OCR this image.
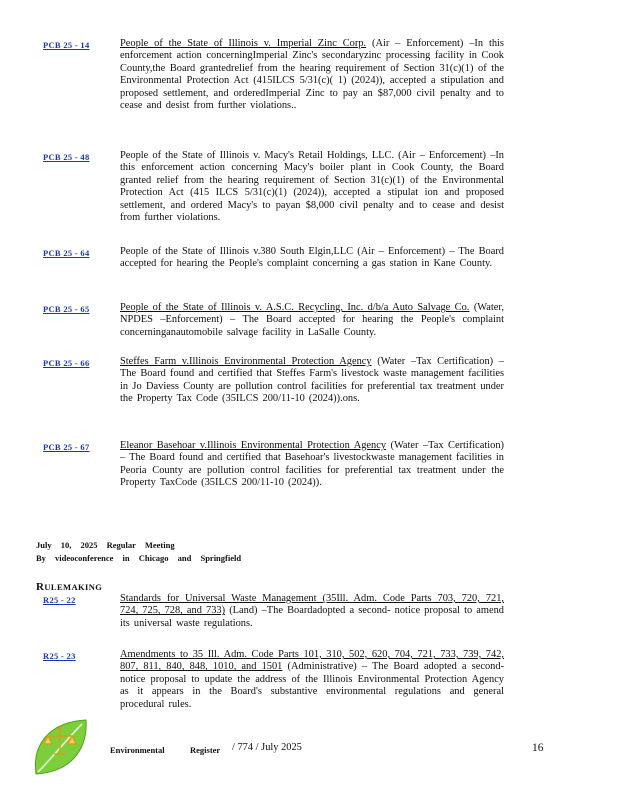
PCB 25 - 14	People of the State of Illinois v. Imperial Zinc Corp. (Air – Enforcement) –In this enforcement action concerningImperial Zinc's secondaryzinc processing facility in Cook County,the Board grantedrelief from the hearing requirement of Section 31(c)(1) of the Environmental Protection Act (415ILCS 5/31(c)( 1) (2024)), accepted a stipulation and proposed settlement, and orderedImperial Zinc to pay an $87,000 civil penalty and to cease and desist from further violations..
PCB 25 - 48	People of the State of Illinois v. Macy's Retail Holdings, LLC. (Air – Enforcement) –In this enforcement action concerning Macy's boiler plant in Cook County, the Board granted relief from the hearing requirement of Section 31(c)(1) of the Environmental Protection Act (415 ILCS 5/31(c)(1) (2024)), accepted a stipulat ion and proposed settlement, and ordered Macy's to payan $8,000 civil penalty and to cease and desist from further violations.
PCB 25 - 64	People of the State of Illinois v.380 South Elgin,LLC (Air – Enforcement) – The Board accepted for hearing the People's complaint concerning a gas station in Kane County.
PCB 25 - 65	People of the State of Illinois v. A.S.C. Recycling, Inc. d/b/a Auto Salvage Co. (Water, NPDES –Enforcement) – The Board accepted for hearing the People's complaint concerninganautomobile salvage facility in LaSalle County.
PCB 25 - 66	Steffes Farm v.Illinois Environmental Protection Agency (Water –Tax Certification) – The Board found and certified that Steffes Farm's livestock waste management facilities in Jo Daviess County are pollution control facilities for preferential tax treatment under the Property Tax Code (35ILCS 200/11-10 (2024)).ons.
PCB 25 - 67	Eleanor Basehoar v.Illinois Environmental Protection Agency (Water –Tax Certification) – The Board found and certified that Basehoar's livestockwaste management facilities in Peoria County are pollution control facilities for preferential tax treatment under the Property TaxCode (35ILCS 200/11-10 (2024)).
July 10, 2025 Regular Meeting
By videoconference in Chicago and Springfield
RULEMAKING
R25 - 22	Standards for Universal Waste Management (35Ill. Adm. Code Parts 703, 720, 721, 724, 725, 728, and 733) (Land) –The Boardadopted a second- notice proposal to amend its universal waste regulations.
R25 - 23	Amendments to 35 Ill. Adm. Code Parts 101, 310, 502, 620, 704, 721, 733, 739, 742, 807, 811, 840, 848, 1010, and 1501 (Administrative) – The Board adopted a second-notice proposal to update the address of the Illinois Environmental Protection Agency as it appears in the Board's substantive environmental regulations and general procedural rules.
Environmental	Register / 774 / July 2025	16
